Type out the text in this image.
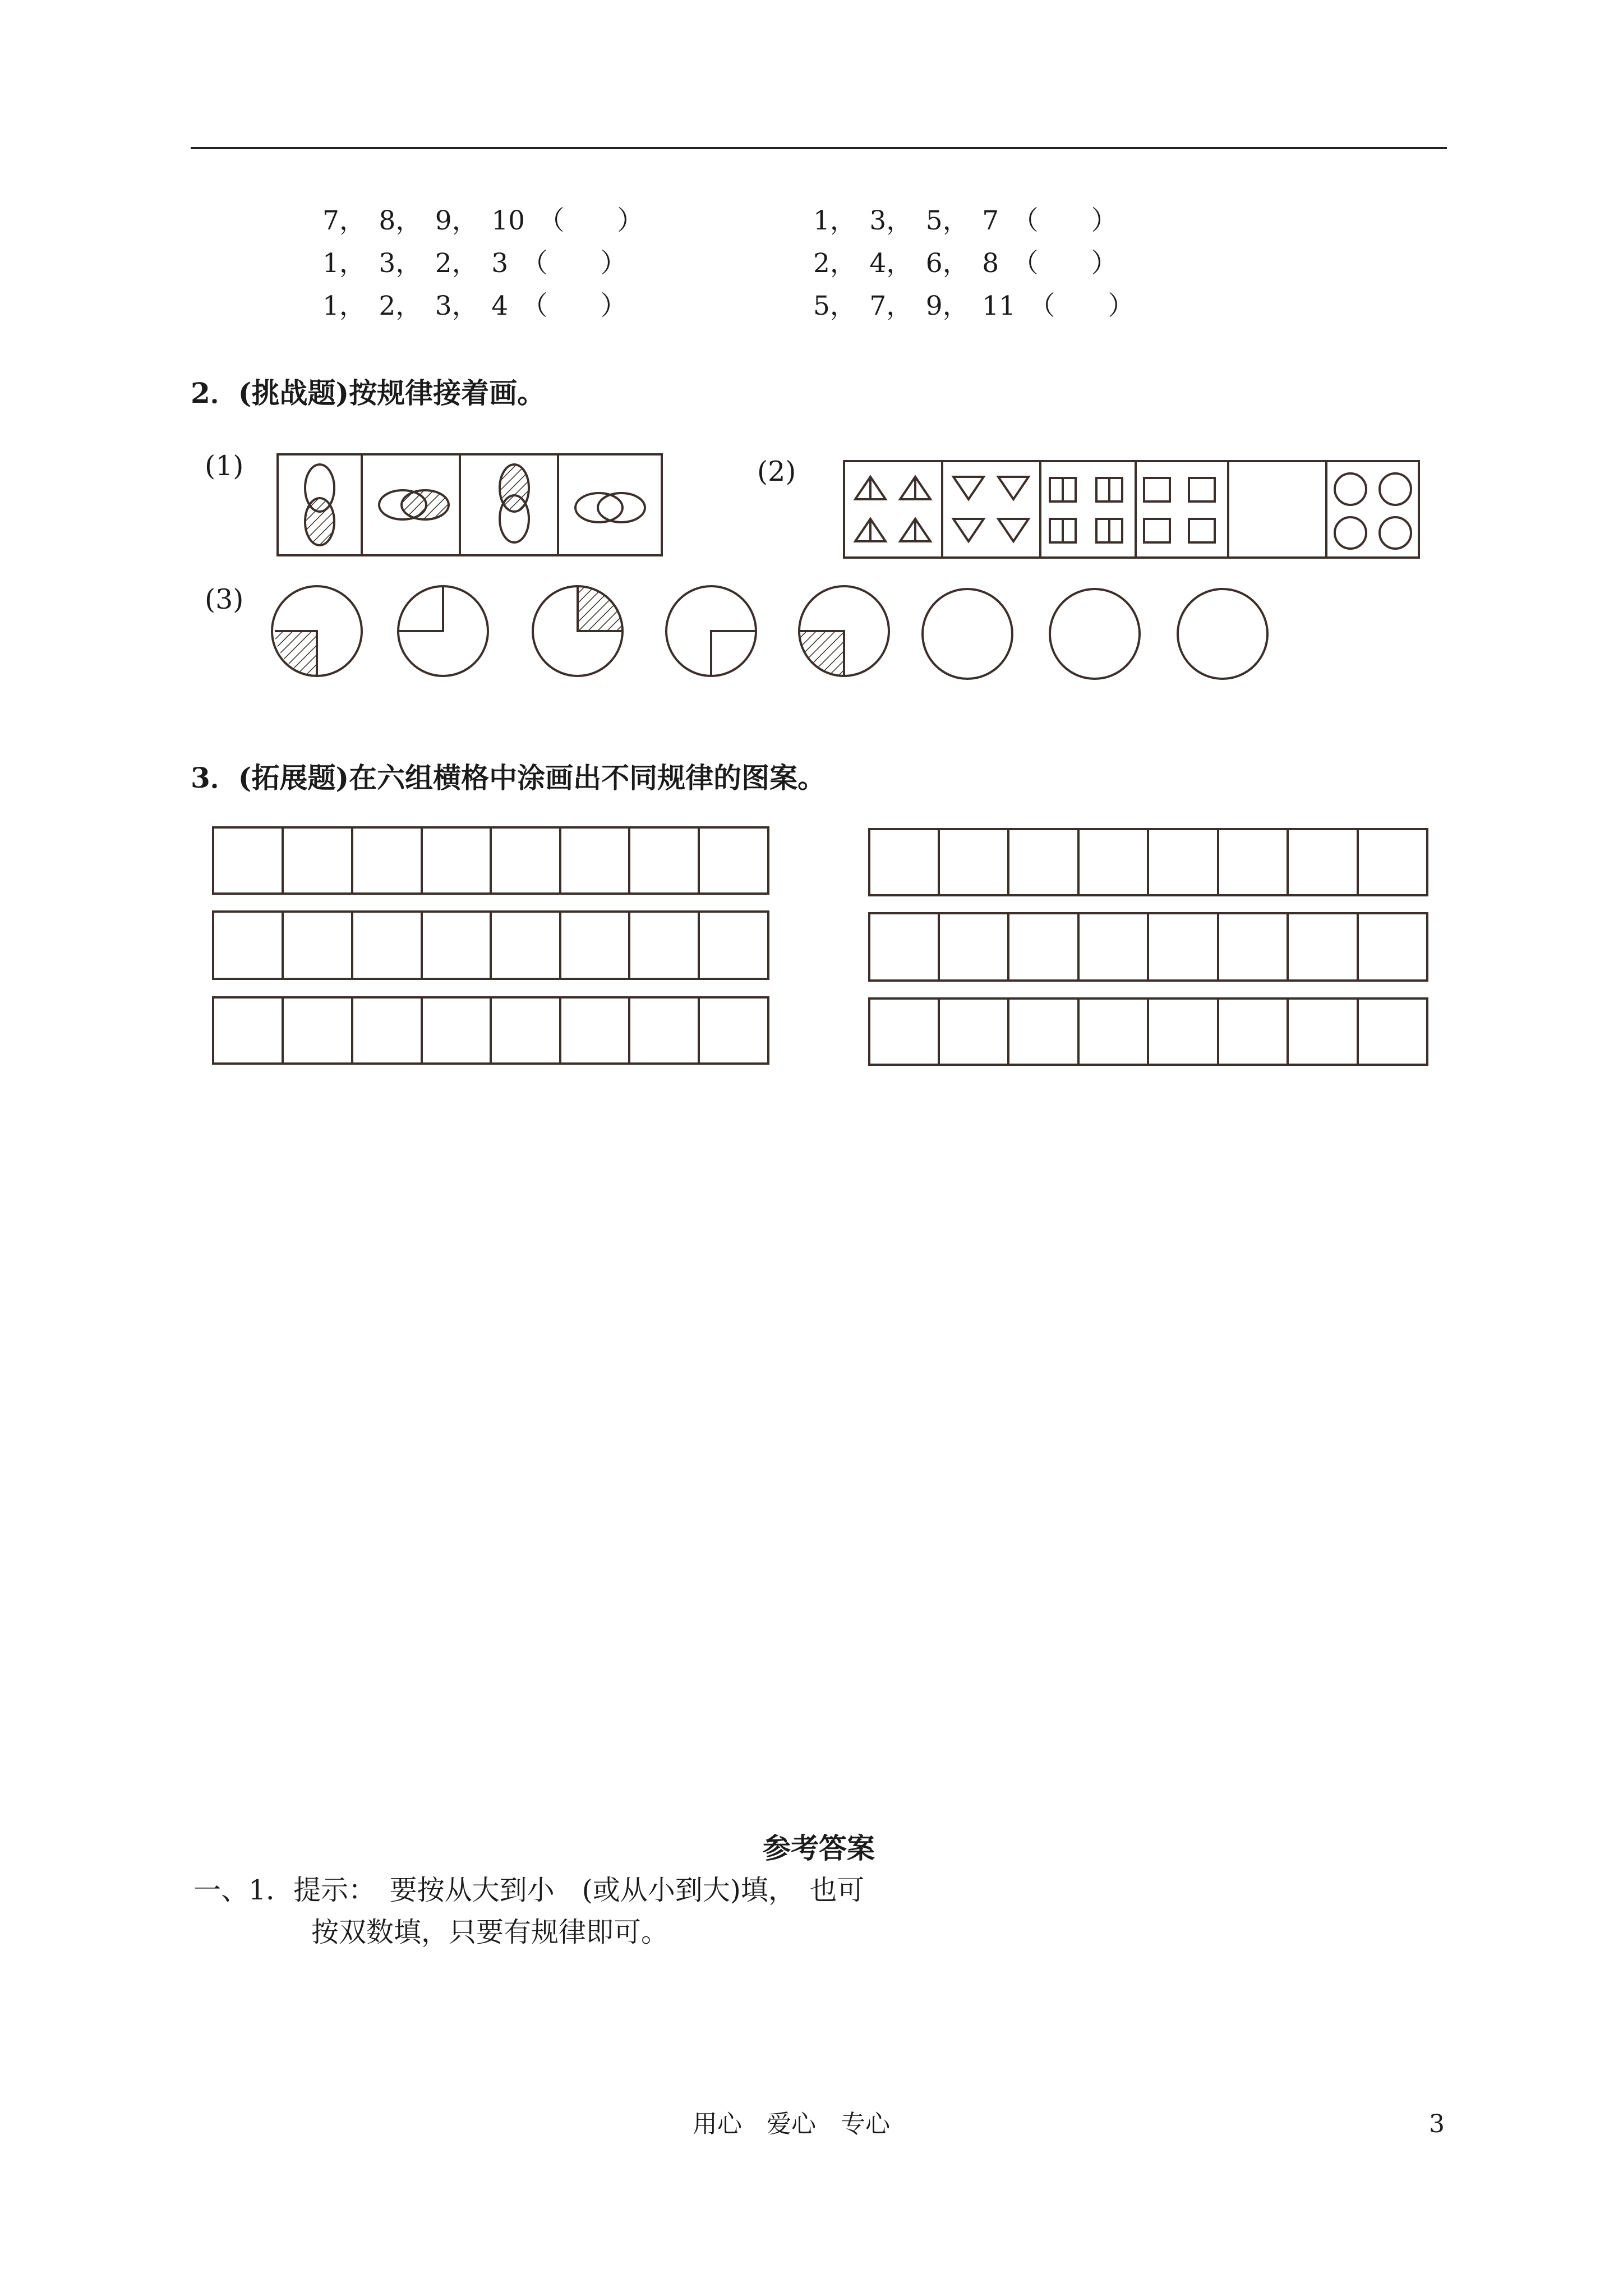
7，　8，　9，　10　（　　）
1，　3，　2，　3　（　　）
1，　2，　3，　4　（　　）
1，　3，　5，　7　（　　）
2，　4，　6，　8　（　　）
5，　7，　9，　11　（　　）
2．(挑战题)按规律接着画。
(1)	(2)
(3)
3．(拓展题)在六组横格中涂画出不同规律的图案。
参考答案
一、1．提示：　要按从大到小　(或从小到大)填，　也可
按双数填，只要有规律即可。
用心　爱心　专心	3
